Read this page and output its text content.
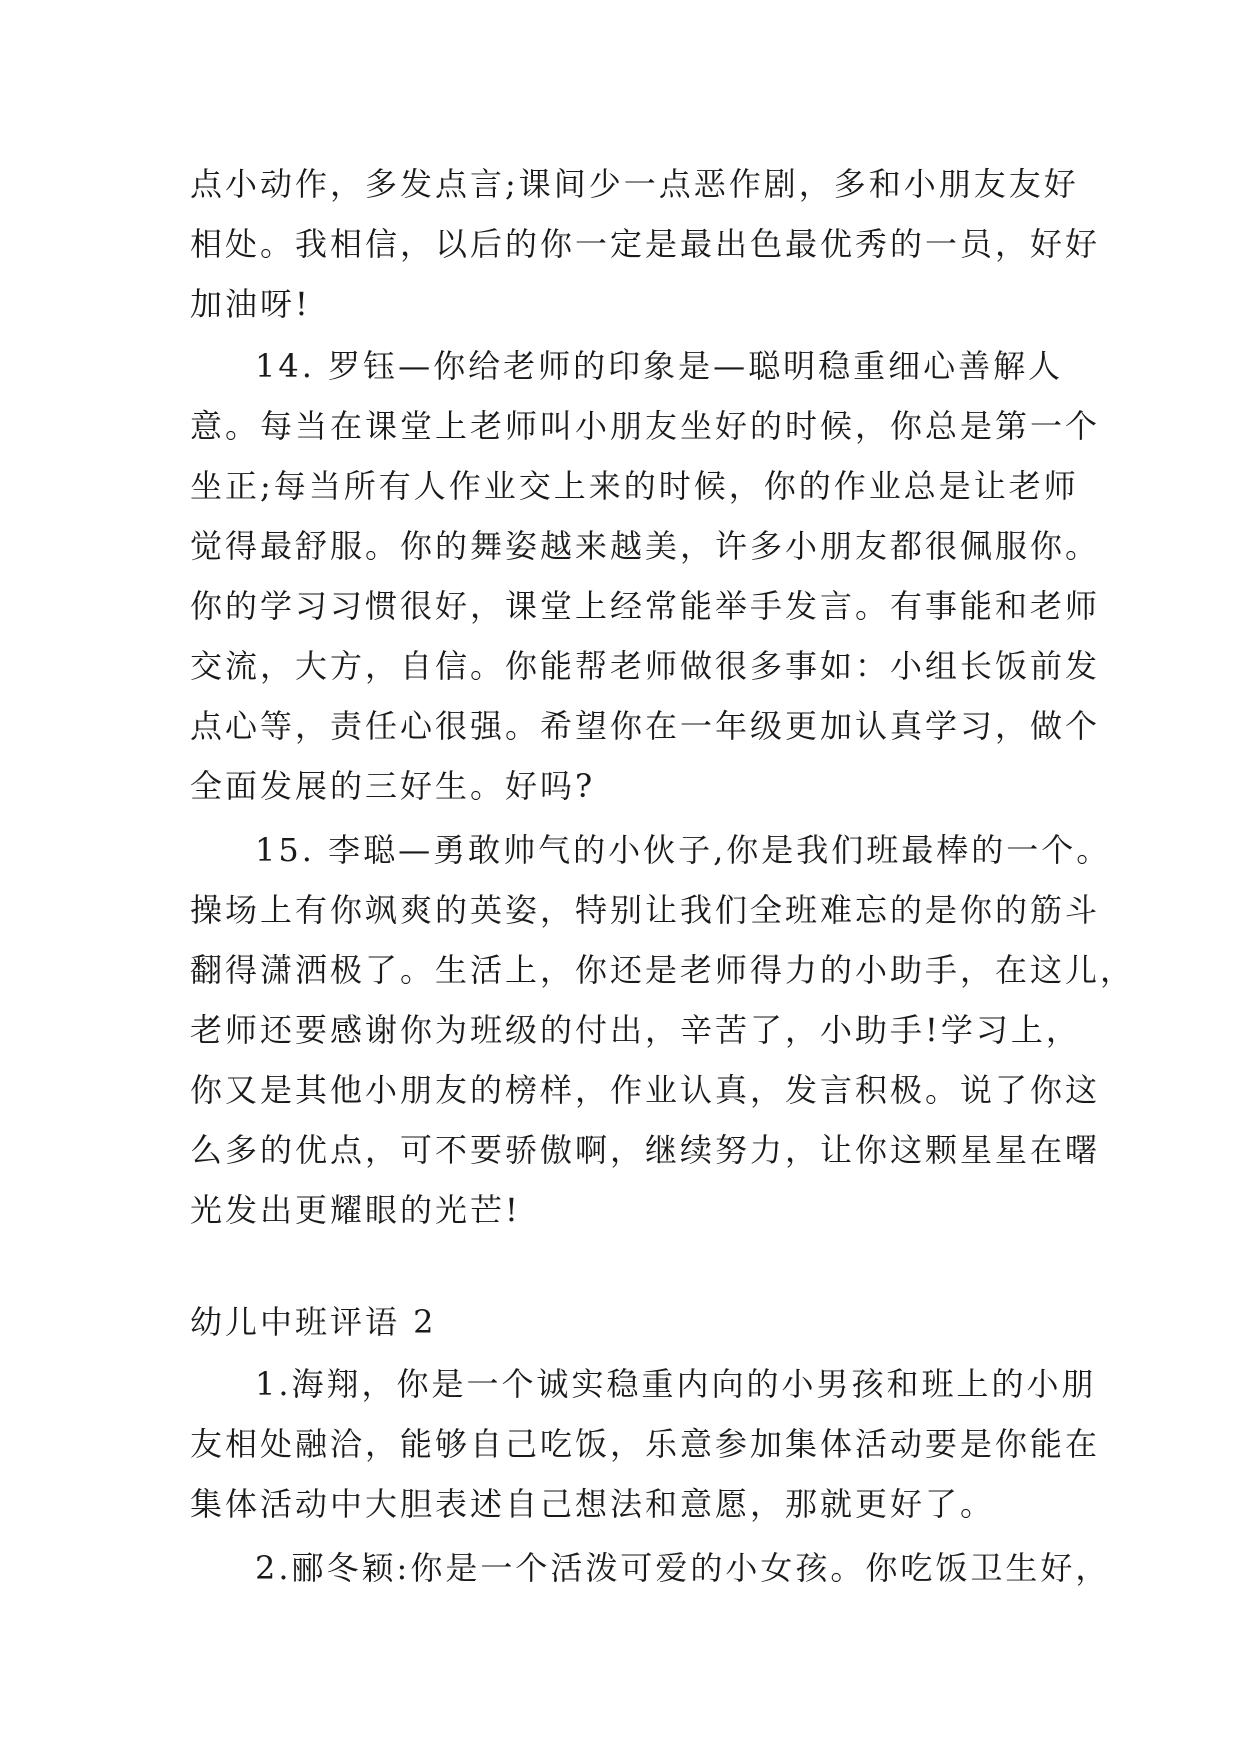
点小动作，多发点言;课间少一点恶作剧，多和小朋友友好
相处。我相信，以后的你一定是最出色最优秀的一员，好好
加油呀!
14. 罗钰—你给老师的印象是—聪明稳重细心善解人
意。每当在课堂上老师叫小朋友坐好的时候，你总是第一个
坐正;每当所有人作业交上来的时候，你的作业总是让老师
觉得最舒服。你的舞姿越来越美，许多小朋友都很佩服你。
你的学习习惯很好，课堂上经常能举手发言。有事能和老师
交流，大方，自信。你能帮老师做很多事如：小组长饭前发
点心等，责任心很强。希望你在一年级更加认真学习，做个
全面发展的三好生。好吗?
15. 李聪—勇敢帅气的小伙子,你是我们班最棒的一个。
操场上有你飒爽的英姿，特别让我们全班难忘的是你的筋斗
翻得潇洒极了。生活上，你还是老师得力的小助手，在这儿，
老师还要感谢你为班级的付出，辛苦了，小助手!学习上，
你又是其他小朋友的榜样，作业认真，发言积极。说了你这
么多的优点，可不要骄傲啊，继续努力，让你这颗星星在曙
光发出更耀眼的光芒!
幼儿中班评语 2
1.海翔，你是一个诚实稳重内向的小男孩和班上的小朋
友相处融洽，能够自己吃饭，乐意参加集体活动要是你能在
集体活动中大胆表述自己想法和意愿，那就更好了。
2.郦冬颖:你是一个活泼可爱的小女孩。你吃饭卫生好，
